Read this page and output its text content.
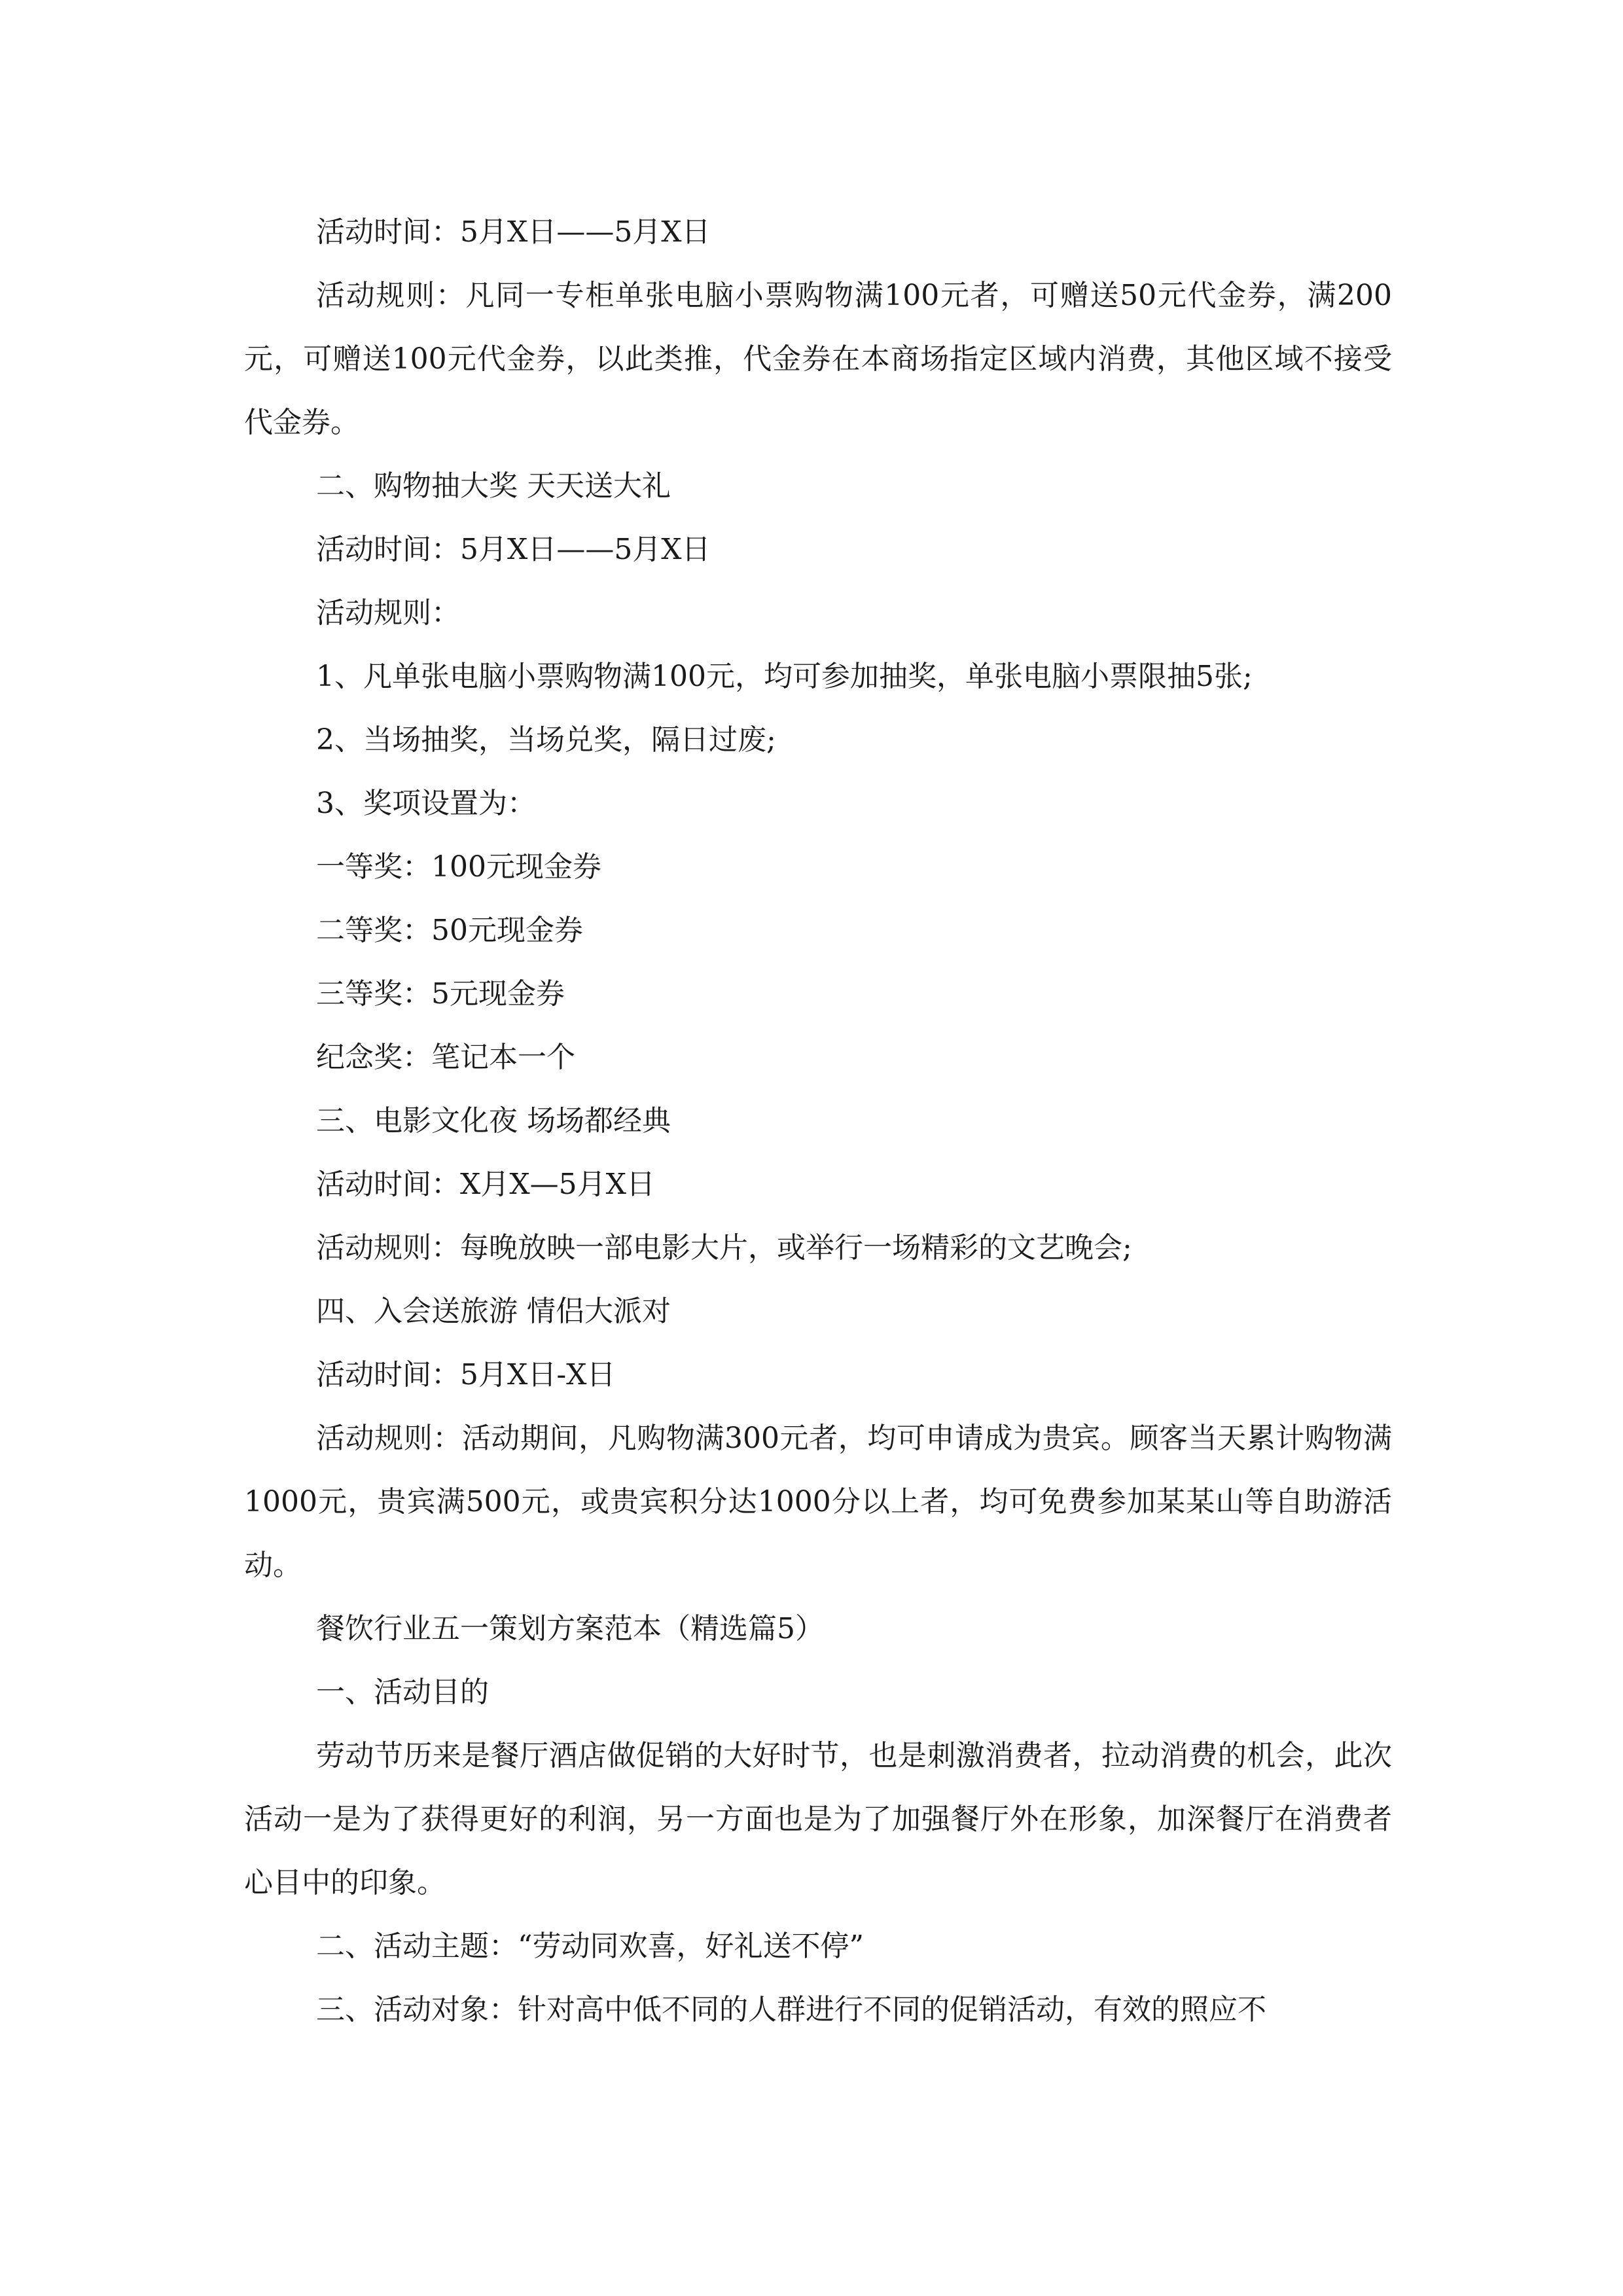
活动时间：5月X日——5月X日

活动规则：凡同一专柜单张电脑小票购物满100元者，可赠送50元代金券，满200元，可赠送100元代金券，以此类推，代金券在本商场指定区域内消费，其他区域不接受代金券。

二、购物抽大奖 天天送大礼

活动时间：5月X日——5月X日

活动规则：

1、凡单张电脑小票购物满100元，均可参加抽奖，单张电脑小票限抽5张;

2、当场抽奖，当场兑奖，隔日过废;

3、奖项设置为：

一等奖：100元现金券

二等奖：50元现金券

三等奖：5元现金券

纪念奖：笔记本一个

三、电影文化夜 场场都经典

活动时间：X月X—5月X日

活动规则：每晚放映一部电影大片，或举行一场精彩的文艺晚会;

四、入会送旅游 情侣大派对

活动时间：5月X日-X日

活动规则：活动期间，凡购物满300元者，均可申请成为贵宾。顾客当天累计购物满1000元，贵宾满500元，或贵宾积分达1000分以上者，均可免费参加某某山等自助游活动。

餐饮行业五一策划方案范本（精选篇5）

一、活动目的

劳动节历来是餐厅酒店做促销的大好时节，也是刺激消费者，拉动消费的机会，此次活动一是为了获得更好的利润，另一方面也是为了加强餐厅外在形象，加深餐厅在消费者心目中的印象。

二、活动主题：“劳动同欢喜，好礼送不停”

三、活动对象：针对高中低不同的人群进行不同的促销活动，有效的照应不
